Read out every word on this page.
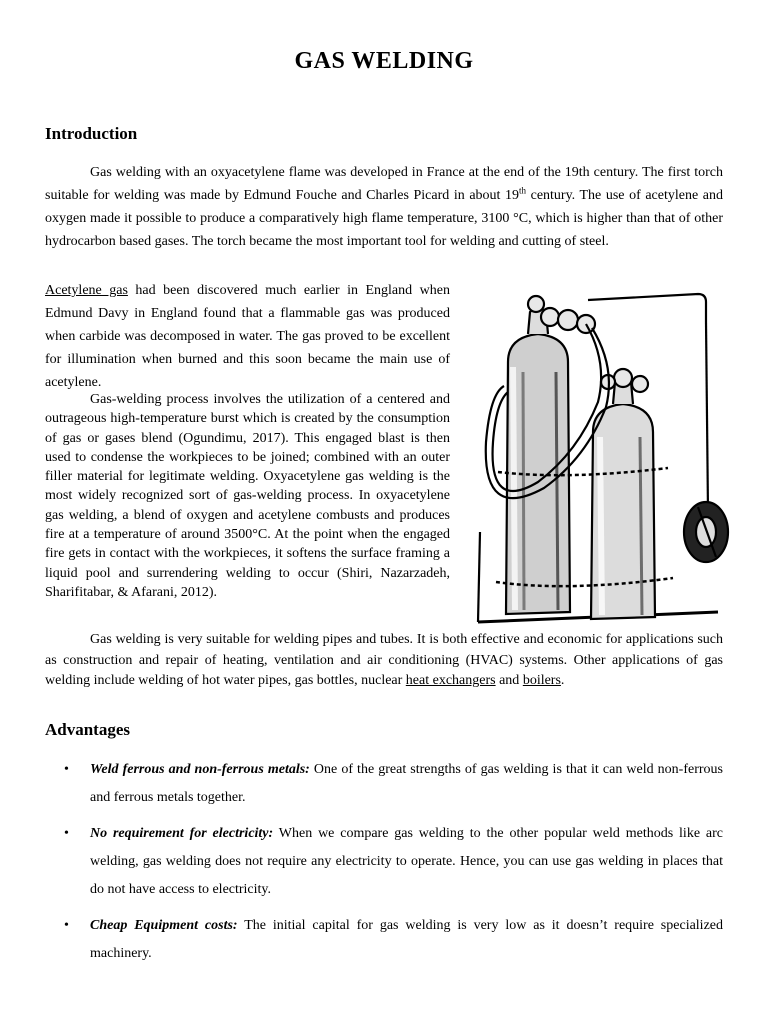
GAS WELDING
Introduction
Gas welding with an oxyacetylene flame was developed in France at the end of the 19th century. The first torch suitable for welding was made by Edmund Fouche and Charles Picard in about 19th century. The use of acetylene and oxygen made it possible to produce a comparatively high flame temperature, 3100 °C, which is higher than that of other hydrocarbon based gases. The torch became the most important tool for welding and cutting of steel.
Acetylene gas had been discovered much earlier in England when Edmund Davy in England found that a flammable gas was produced when carbide was decomposed in water. The gas proved to be excellent for illumination when burned and this soon became the main use of acetylene.
Gas-welding process involves the utilization of a centered and outrageous high-temperature burst which is created by the consumption of gas or gases blend (Ogundimu, 2017). This engaged blast is then used to condense the workpieces to be joined; combined with an outer filler material for legitimate welding. Oxyacetylene gas welding is the most widely recognized sort of gas-welding process. In oxyacetylene gas welding, a blend of oxygen and acetylene combusts and produces fire at a temperature of around 3500°C. At the point when the engaged fire gets in contact with the workpieces, it softens the surface framing a liquid pool and surrendering welding to occur (Shiri, Nazarzadeh, Sharifitabar, & Afarani, 2012).
Gas welding is very suitable for welding pipes and tubes. It is both effective and economic for applications such as construction and repair of heating, ventilation and air conditioning (HVAC) systems. Other applications of gas welding include welding of hot water pipes, gas bottles, nuclear heat exchangers and boilers.
Advantages
• Weld ferrous and non-ferrous metals: One of the great strengths of gas welding is that it can weld non-ferrous and ferrous metals together.
• No requirement for electricity: When we compare gas welding to the other popular weld methods like arc welding, gas welding does not require any electricity to operate. Hence, you can use gas welding in places that do not have access to electricity.
• Cheap Equipment costs: The initial capital for gas welding is very low as it doesn’t require specialized machinery.
